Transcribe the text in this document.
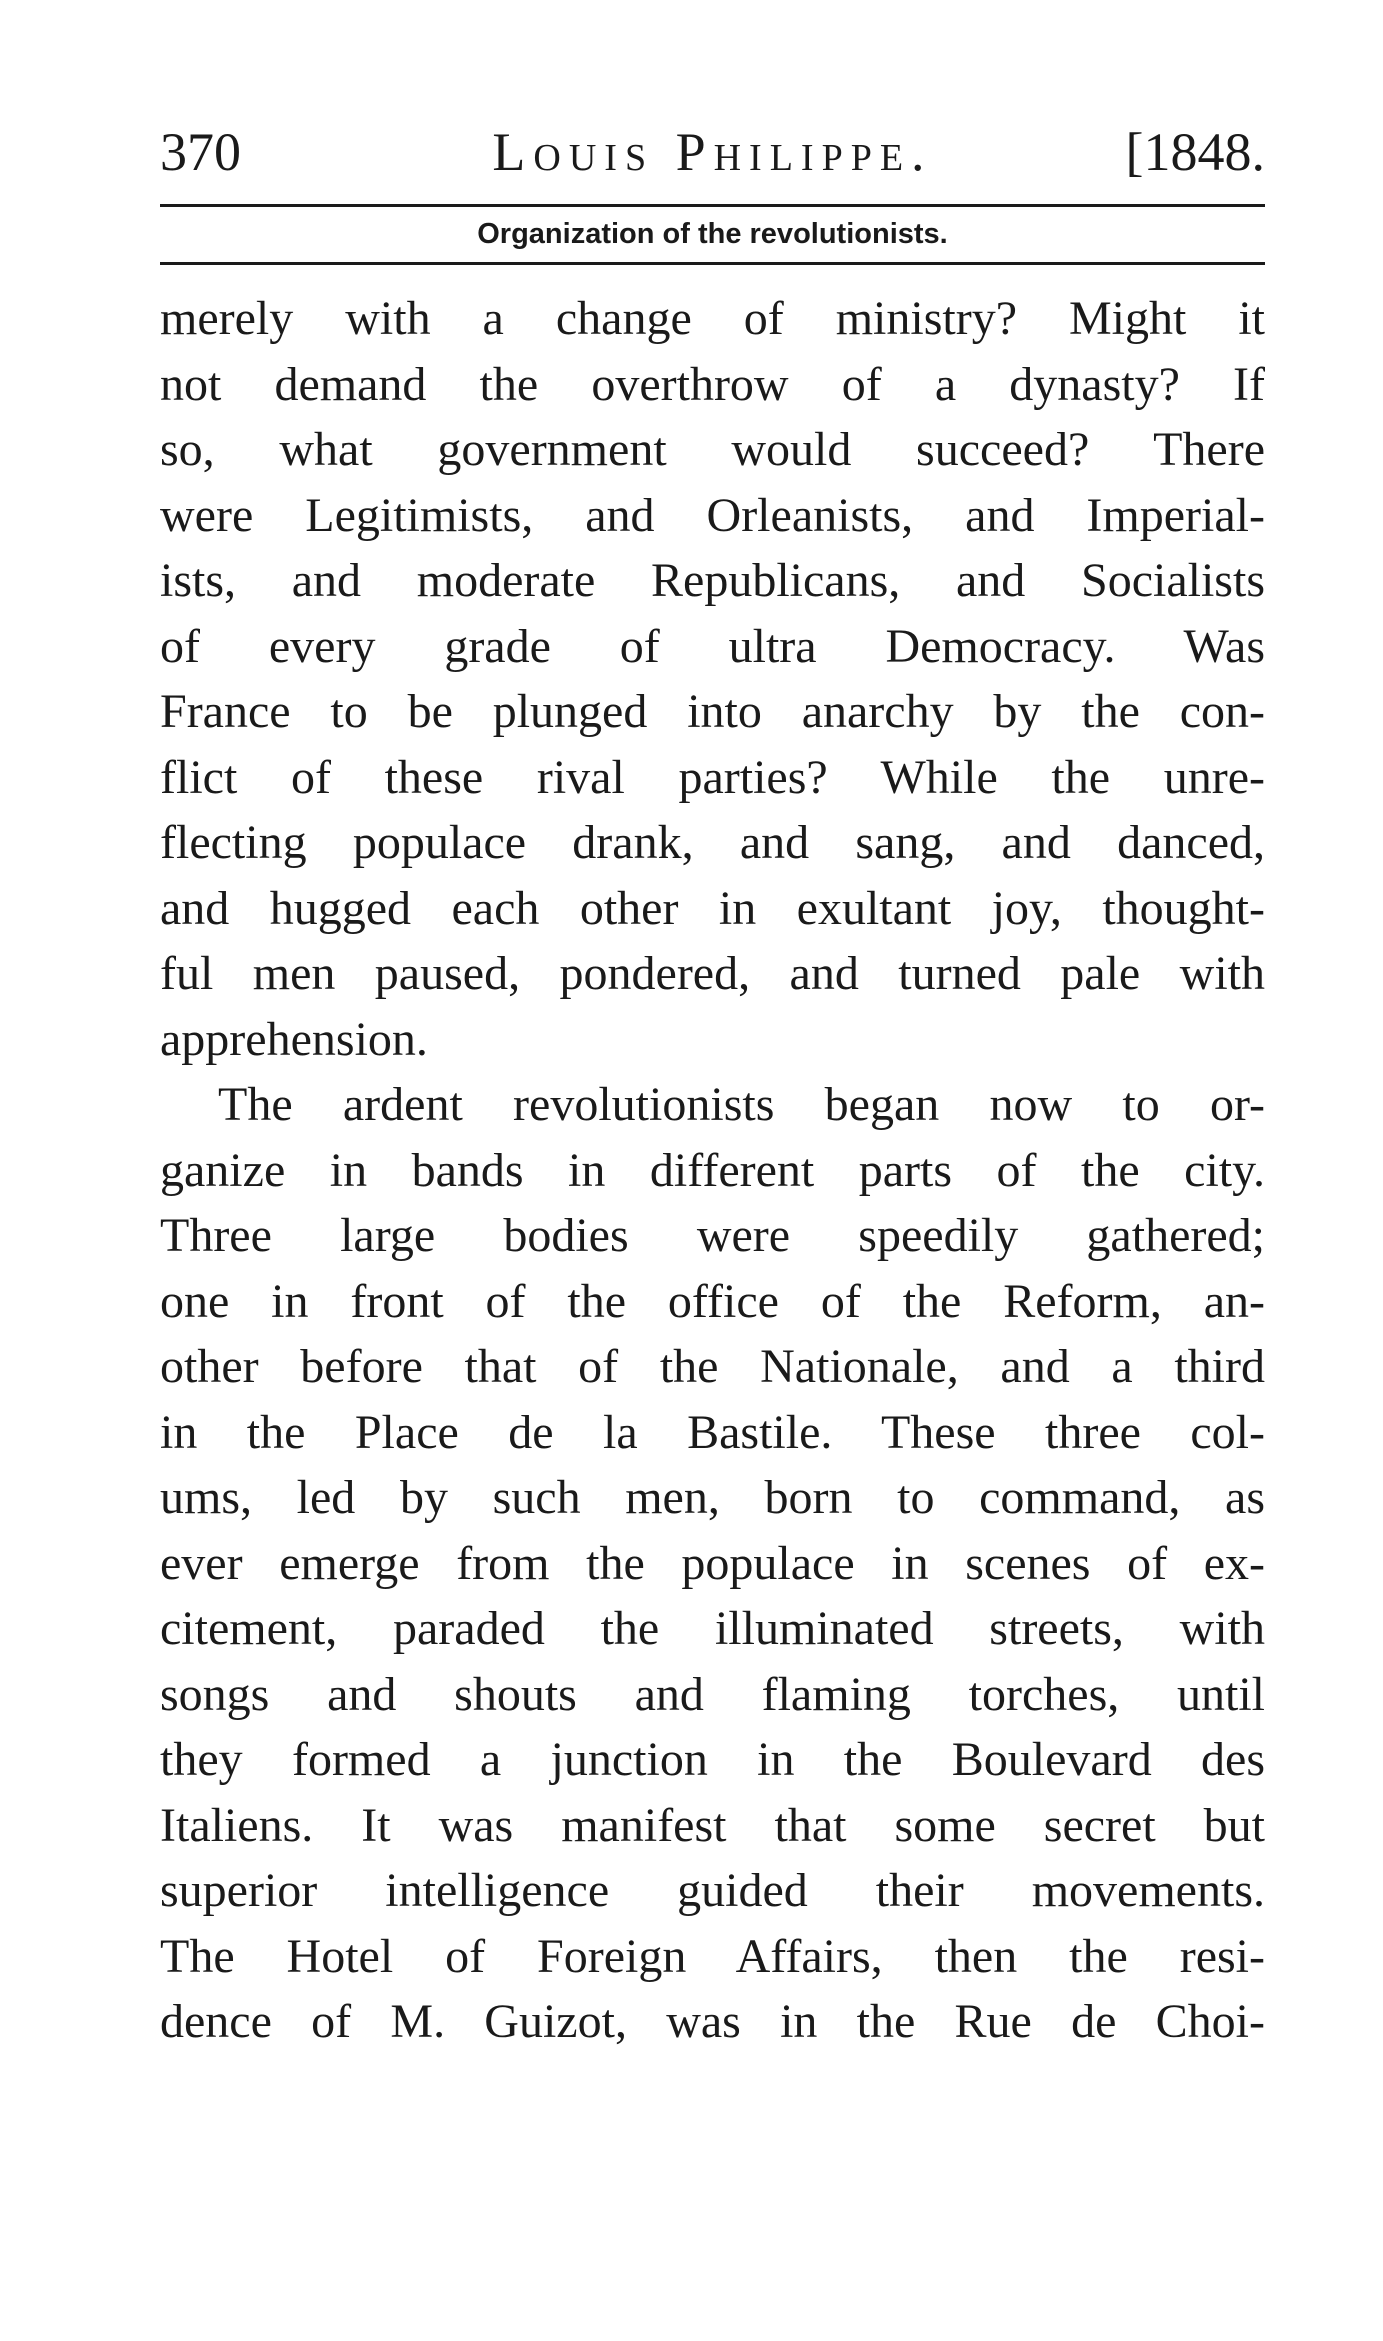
370	Louis Philippe.	[1848.
Organization of the revolutionists.
merely with a change of ministry? Might it
not demand the overthrow of a dynasty? If
so, what government would succeed? There
were Legitimists, and Orleanists, and Imperial-
ists, and moderate Republicans, and Socialists
of every grade of ultra Democracy. Was
France to be plunged into anarchy by the con-
flict of these rival parties? While the unre-
flecting populace drank, and sang, and danced,
and hugged each other in exultant joy, thought-
ful men paused, pondered, and turned pale with
apprehension.
The ardent revolutionists began now to or-
ganize in bands in different parts of the city.
Three large bodies were speedily gathered;
one in front of the office of the Reform, an-
other before that of the Nationale, and a third
in the Place de la Bastile. These three col-
ums, led by such men, born to command, as
ever emerge from the populace in scenes of ex-
citement, paraded the illuminated streets, with
songs and shouts and flaming torches, until
they formed a junction in the Boulevard des
Italiens. It was manifest that some secret but
superior intelligence guided their movements.
The Hotel of Foreign Affairs, then the resi-
dence of M. Guizot, was in the Rue de Choi-
